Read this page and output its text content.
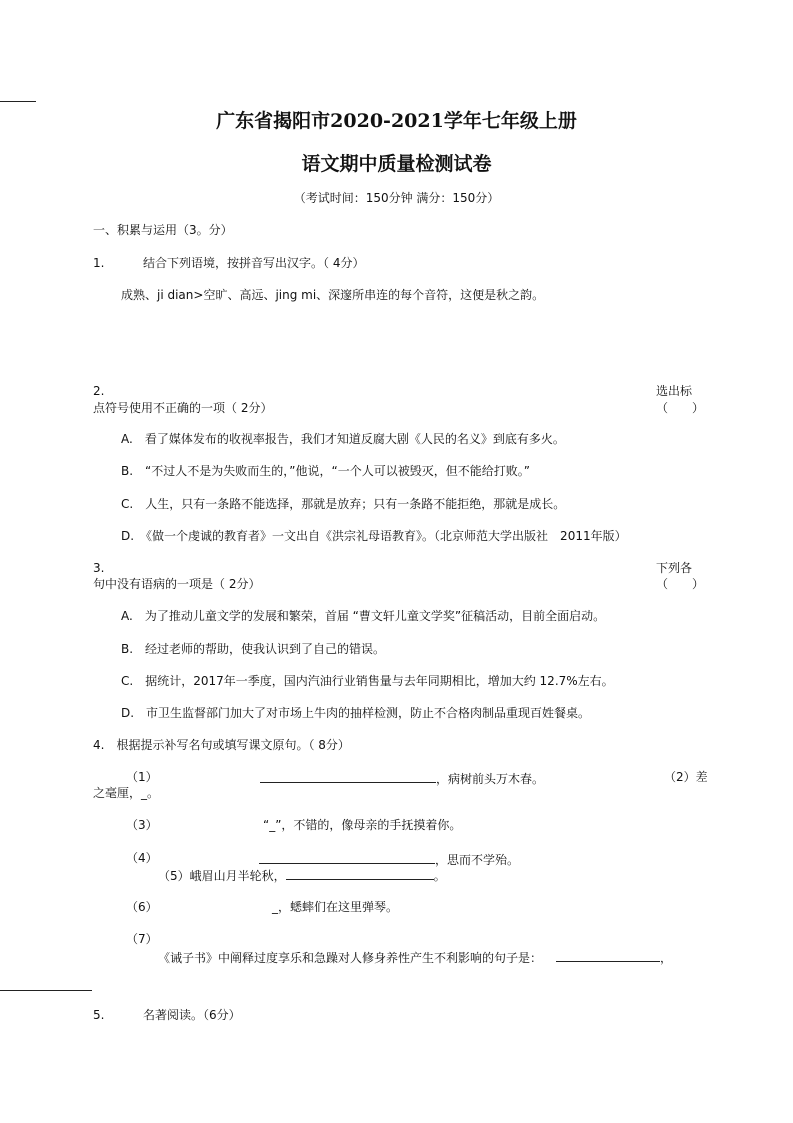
广东省揭阳市2020-2021学年七年级上册
语文期中质量检测试卷
（考试时间：150分钟 满分：150分）
一、积累与运用（3。分）
1.	结合下列语境，按拼音写出汉字。（ 4分）
成熟、ji dian>空旷、高远、jing mi、深邃所串连的每个音符，这便是秋之韵。
2.	选出标
点符号使用不正确的一项（ 2分）	（　　）
A.　看了媒体发布的收视率报告，我们才知道反腐大剧《人民的名义》到底有多火。
B.　“不过人不是为失败而生的，”他说，“一个人可以被毁灭，但不能给打败。”
C.　人生，只有一条路不能选择，那就是放弃；只有一条路不能拒绝，那就是成长。
D.　《做一个虔诚的教育者》一文出自《洪宗礼母语教育》。（北京师范大学出版社　2011年版）
3.	下列各
句中没有语病的一项是（ 2分）	（　　）
A.　为了推动儿童文学的发展和繁荣，首届 “曹文轩儿童文学奖”征稿活动，目前全面启动。
B.　经过老师的帮助，使我认识到了自己的错误。
C.　据统计，2017年一季度，国内汽油行业销售量与去年同期相比，增加大约 12.7%左右。
D.　市卫生监督部门加大了对市场上牛肉的抽样检测，防止不合格肉制品重现百姓餐桌。
4.　根据提示补写名句或填写课文原句。（ 8分）
（1）	，病树前头万木春。	（2）差
之毫厘，_。
（3）	“_”，不错的，像母亲的手抚摸着你。
（4）	，思而不学殆。
（5）峨眉山月半轮秋，	。
（6）	_，蟋蟀们在这里弹琴。
（7）
《诫子书》中阐释过度享乐和急躁对人修身养性产生不利影响的句子是：	，
5.	名著阅读。（6分）
